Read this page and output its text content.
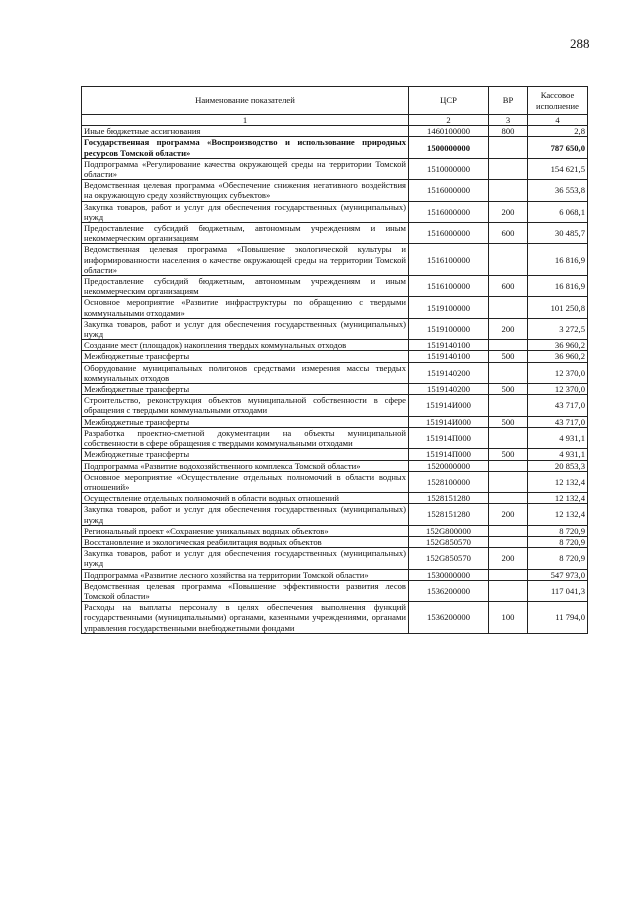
288
Наименование показателей	ЦСР	ВР	Кассовое исполнение
1	2	3	4
Иные бюджетные ассигнования	1460100000	800	2,8
Государственная программа «Воспроизводство и использование природных ресурсов Томской области»	1500000000		787 650,0
Подпрограмма «Регулирование качества окружающей среды на территории Томской области»	1510000000		154 621,5
Ведомственная целевая программа «Обеспечение снижения негативного воздействия на окружающую среду хозяйствующих субъектов»	1516000000		36 553,8
Закупка товаров, работ и услуг для обеспечения государственных (муниципальных) нужд	1516000000	200	6 068,1
Предоставление субсидий бюджетным, автономным учреждениям и иным некоммерческим организациям	1516000000	600	30 485,7
Ведомственная целевая программа «Повышение экологической культуры и информированности населения о качестве окружающей среды на территории Томской области»	1516100000		16 816,9
Предоставление субсидий бюджетным, автономным учреждениям и иным некоммерческим организациям	1516100000	600	16 816,9
Основное мероприятие «Развитие инфраструктуры по обращению с твердыми коммунальными отходами»	1519100000		101 250,8
Закупка товаров, работ и услуг для обеспечения государственных (муниципальных) нужд	1519100000	200	3 272,5
Создание мест (площадок) накопления твердых коммунальных отходов	1519140100		36 960,2
Межбюджетные трансферты	1519140100	500	36 960,2
Оборудование муниципальных полигонов средствами измерения массы твердых коммунальных отходов	1519140200		12 370,0
Межбюджетные трансферты	1519140200	500	12 370,0
Строительство, реконструкция объектов муниципальной собственности в сфере обращения с твердыми коммунальными отходами	151914И000		43 717,0
Межбюджетные трансферты	151914И000	500	43 717,0
Разработка проектно-сметной документации на объекты муниципальной собственности в сфере обращения с твердыми коммунальными отходами	151914П000		4 931,1
Межбюджетные трансферты	151914П000	500	4 931,1
Подпрограмма «Развитие водохозяйственного комплекса Томской области»	1520000000		20 853,3
Основное мероприятие «Осуществление отдельных полномочий в области водных отношений»	1528100000		12 132,4
Осуществление отдельных полномочий в области водных отношений	1528151280		12 132,4
Закупка товаров, работ и услуг для обеспечения государственных (муниципальных) нужд	1528151280	200	12 132,4
Региональный проект «Сохранение уникальных водных объектов»	152G800000		8 720,9
Восстановление и экологическая реабилитация водных объектов	152G850570		8 720,9
Закупка товаров, работ и услуг для обеспечения государственных (муниципальных) нужд	152G850570	200	8 720,9
Подпрограмма «Развитие лесного хозяйства на территории Томской области»	1530000000		547 973,0
Ведомственная целевая программа «Повышение эффективности развития лесов Томской области»	1536200000		117 041,3
Расходы на выплаты персоналу в целях обеспечения выполнения функций государственными (муниципальными) органами, казенными учреждениями, органами управления государственными внебюджетными фондами	1536200000	100	11 794,0
